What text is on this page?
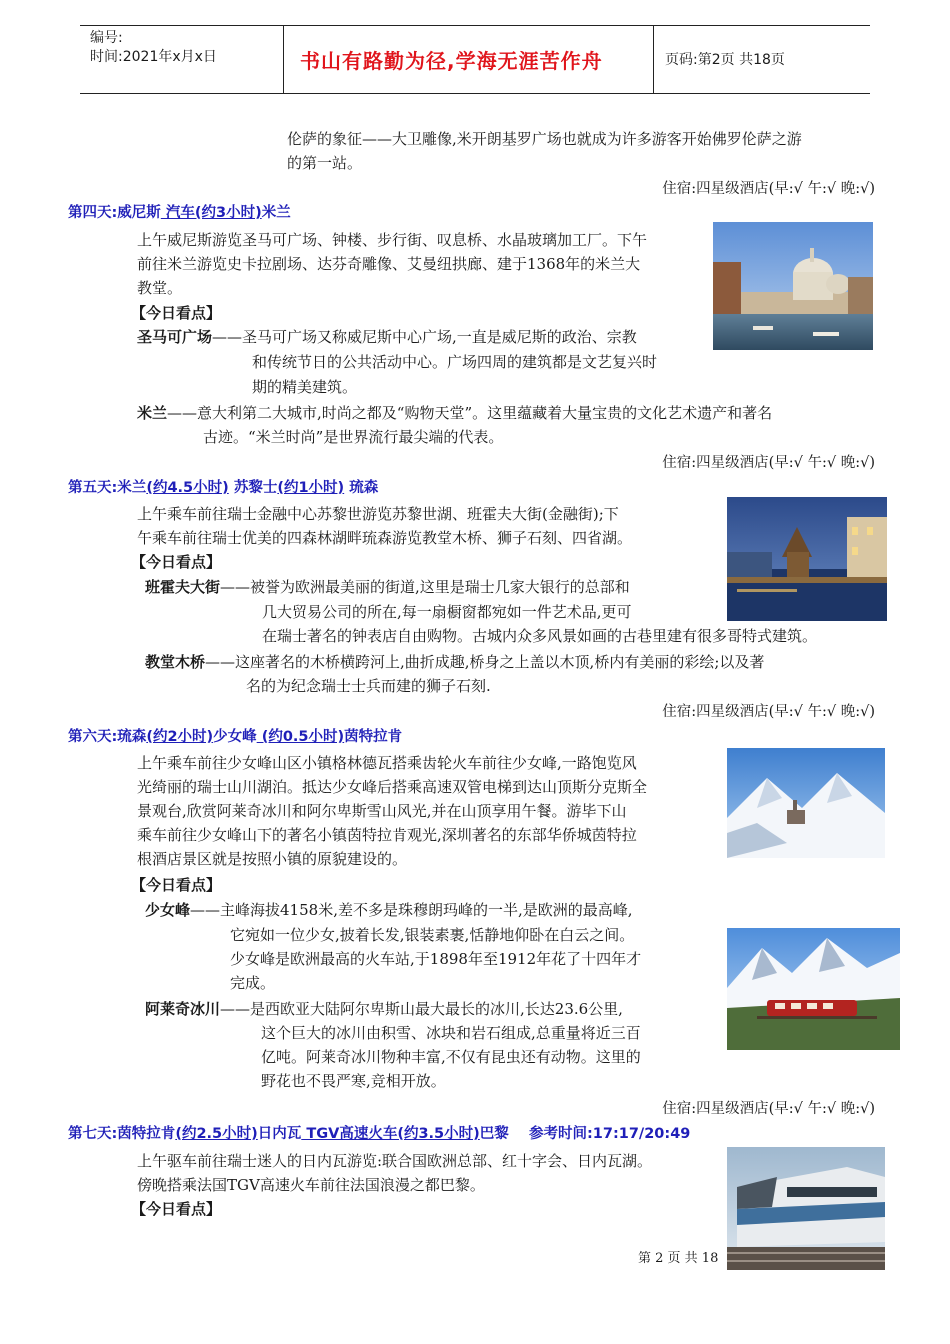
编号:
时间:2021年x月x日	书山有路勤为径,学海无涯苦作舟	页码:第2页 共18页
伦萨的象征——大卫雕像,米开朗基罗广场也就成为许多游客开始佛罗伦萨之游
的第一站。
住宿:四星级酒店(早:√ 午:√ 晚:√)
第四天:威尼斯 汽车(约3小时)米兰
上午威尼斯游览圣马可广场、钟楼、步行街、叹息桥、水晶玻璃加工厂。下午
前往米兰游览史卡拉剧场、达芬奇雕像、艾曼纽拱廊、建于1368年的米兰大
教堂。
【今日看点】
圣马可广场——圣马可广场又称威尼斯中心广场,一直是威尼斯的政治、宗教
和传统节日的公共活动中心。广场四周的建筑都是文艺复兴时
期的精美建筑。
米兰——意大利第二大城市,时尚之都及“购物天堂”。这里蕴藏着大量宝贵的文化艺术遗产和著名
古迹。“米兰时尚”是世界流行最尖端的代表。
住宿:四星级酒店(早:√ 午:√ 晚:√)
第五天:米兰(约4.5小时) 苏黎士(约1小时) 琉森
上午乘车前往瑞士金融中心苏黎世游览苏黎世湖、班霍夫大街(金融街);下
午乘车前往瑞士优美的四森林湖畔琉森游览教堂木桥、狮子石刻、四省湖。
【今日看点】
班霍夫大街——被誉为欧洲最美丽的街道,这里是瑞士几家大银行的总部和
几大贸易公司的所在,每一扇橱窗都宛如一件艺术品,更可
在瑞士著名的钟表店自由购物。古城内众多风景如画的古巷里建有很多哥特式建筑。
教堂木桥——这座著名的木桥横跨河上,曲折成趣,桥身之上盖以木顶,桥内有美丽的彩绘;以及著
名的为纪念瑞士士兵而建的狮子石刻.
住宿:四星级酒店(早:√ 午:√ 晚:√)
第六天:琉森(约2小时)少女峰 (约0.5小时)茵特拉肯
上午乘车前往少女峰山区小镇格林德瓦搭乘齿轮火车前往少女峰,一路饱览风
光绮丽的瑞士山川湖泊。抵达少女峰后搭乘高速双管电梯到达山顶斯分克斯全
景观台,欣赏阿莱奇冰川和阿尔卑斯雪山风光,并在山顶享用午餐。游毕下山
乘车前往少女峰山下的著名小镇茵特拉肯观光,深圳著名的东部华侨城茵特拉
根酒店景区就是按照小镇的原貌建设的。
【今日看点】
少女峰——主峰海拔4158米,差不多是珠穆朗玛峰的一半,是欧洲的最高峰,
它宛如一位少女,披着长发,银装素裹,恬静地仰卧在白云之间。
少女峰是欧洲最高的火车站,于1898年至1912年花了十四年才
完成。
阿莱奇冰川——是西欧亚大陆阿尔卑斯山最大最长的冰川,长达23.6公里,
这个巨大的冰川由积雪、冰块和岩石组成,总重量将近三百
亿吨。阿莱奇冰川物种丰富,不仅有昆虫还有动物。这里的
野花也不畏严寒,竞相开放。
住宿:四星级酒店(早:√ 午:√ 晚:√)
第七天:茵特拉肯(约2.5小时)日内瓦 TGV高速火车(约3.5小时)巴黎    参考时间:17:17/20:49
上午驱车前往瑞士迷人的日内瓦游览:联合国欧洲总部、红十字会、日内瓦湖。
傍晚搭乘法国TGV高速火车前往法国浪漫之都巴黎。
【今日看点】
第 2 页 共 18
